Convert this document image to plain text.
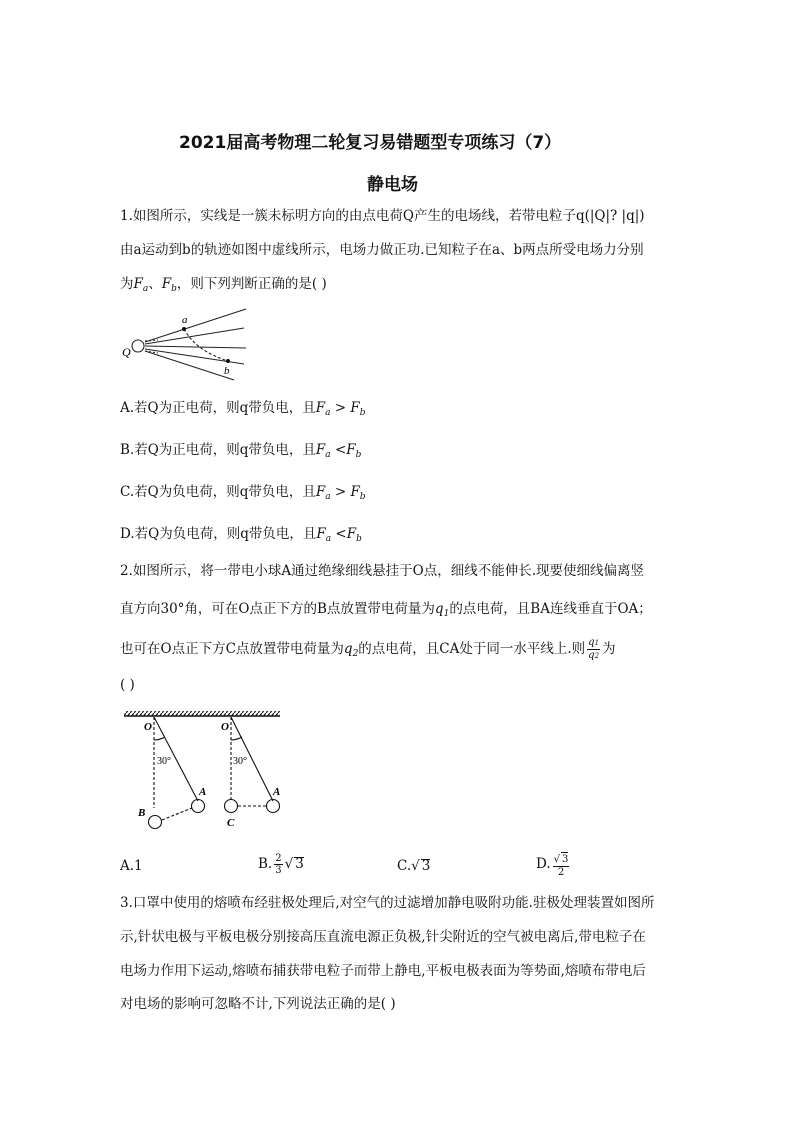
2021届高考物理二轮复习易错题型专项练习（7）
静电场
1.如图所示，实线是一簇未标明方向的由点电荷Q产生的电场线，若带电粒子q(|Q|? |q|)
由a运动到b的轨迹如图中虚线所示，电场力做正功.已知粒子在a、b两点所受电场力分别
为$F_a$、$F_b$，则下列判断正确的是( )
Q
a
b
A.若Q为正电荷，则q带负电，且$F_a > F_b$
B.若Q为正电荷，则q带负电，且$F_a <F_b$
C.若Q为负电荷，则q带负电，且$F_a > F_b$
D.若Q为负电荷，则q带负电，且$F_a <F_b$
2.如图所示，将一带电小球A通过绝缘细线悬挂于O点，细线不能伸长.现要使细线偏离竖
直方向30°角，可在O点正下方的B点放置带电荷量为$q_1$的点电荷，且BA连线垂直于OA；
也可在O点正下方C点放置带电荷量为$q_2$的点电荷，且CA处于同一水平线上.则 $\frac{q1}{q2}$ 为
( )
O
30°
A
B
O
30°
A
C
A.1	B. $\frac{2}{3}$ √ 3	C.√ 3	D. $\frac{√ 3}{2}$
3.口罩中使用的熔喷布经驻极处理后,对空气的过滤增加静电吸附功能.驻极处理装置如图所
示,针状电极与平板电极分别接高压直流电源正负极,针尖附近的空气被电离后,带电粒子在
电场力作用下运动,熔喷布捕获带电粒子而带上静电,平板电极表面为等势面,熔喷布带电后
对电场的影响可忽略不计,下列说法正确的是( )
